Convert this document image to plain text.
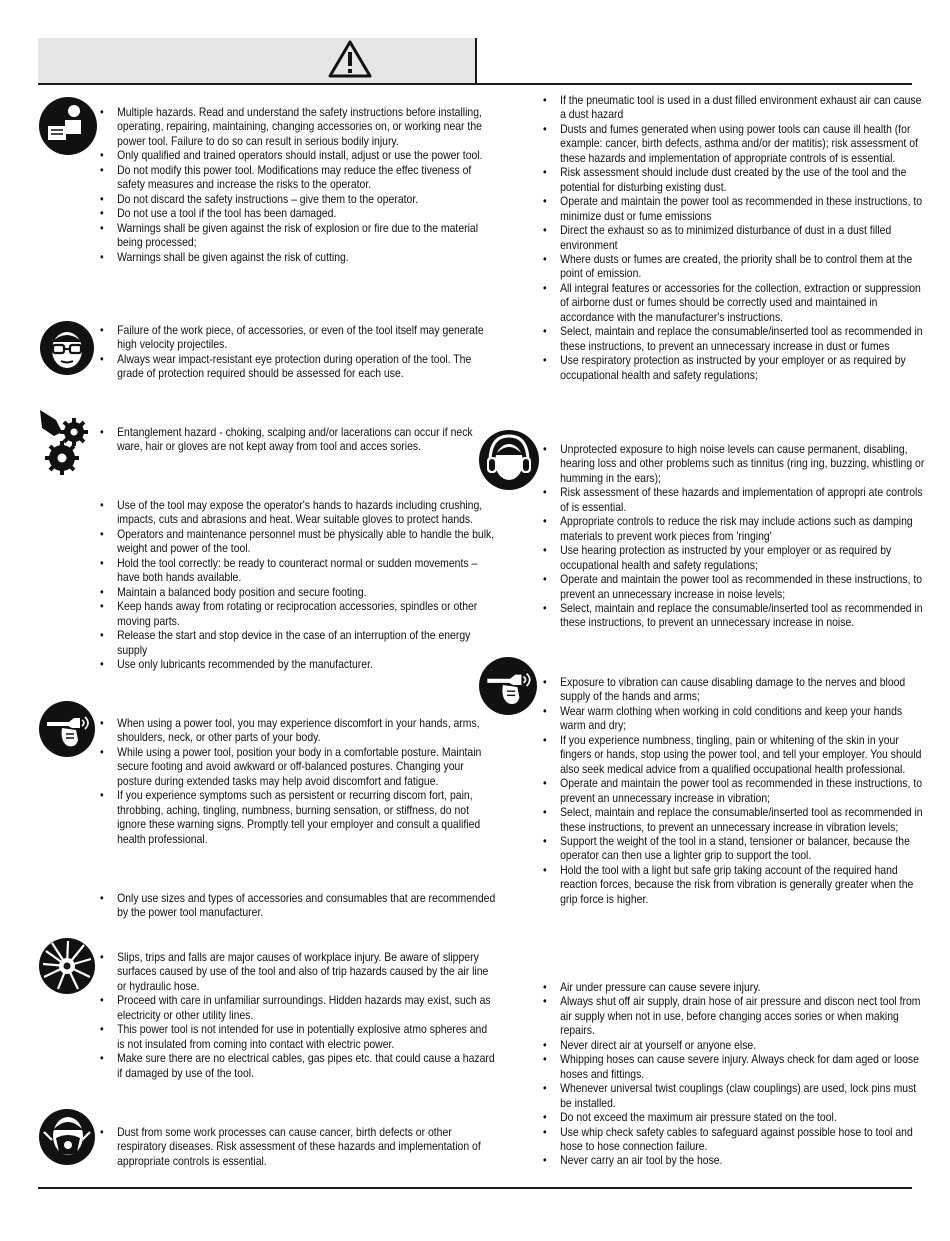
• Multiple hazards. Read and understand the safety instructions before installing, operating, repairing, maintaining, changing accessories on, or working near the power tool. Failure to do so can result in serious bodily injury.
• Only qualified and trained operators should install, adjust or use the power tool.
• Do not modify this power tool. Modifications may reduce the effec tiveness of safety measures and increase the risks to the operator.
• Do not discard the safety instructions – give them to the operator.
• Do not use a tool if the tool has been damaged.
• Warnings shall be given against the risk of explosion or fire due to the material being processed;
• Warnings shall be given against the risk of cutting.
• Failure of the work piece, of accessories, or even of the tool itself may generate high velocity projectiles.
• Always wear impact-resistant eye protection during operation of the tool. The grade of protection required should be assessed for each use.
• Entanglement hazard - choking, scalping and/or lacerations can occur if neck ware, hair or gloves are not kept away from tool and acces sories.
• Use of the tool may expose the operator's hands to hazards including crushing, impacts, cuts and abrasions and heat. Wear suitable gloves to protect hands.
• Operators and maintenance personnel must be physically able to handle the bulk, weight and power of the tool.
• Hold the tool correctly: be ready to counteract normal or sudden movements – have both hands available.
• Maintain a balanced body position and secure footing.
• Keep hands away from rotating or reciprocation accessories, spindles or other moving parts.
• Release the start and stop device in the case of an interruption of the energy supply
• Use only lubricants recommended by the manufacturer.
• When using a power tool, you may experience discomfort in your hands, arms, shoulders, neck, or other parts of your body.
• While using a power tool, position your body in a comfortable posture. Maintain secure footing and avoid awkward or off-balanced postures. Changing your posture during extended tasks may help avoid discomfort and fatigue.
• If you experience symptoms such as persistent or recurring discom fort, pain, throbbing, aching, tingling, numbness, burning sensation, or stiffness, do not ignore these warning signs. Promptly tell your employer and consult a qualified health professional.
• Only use sizes and types of accessories and consumables that are recommended by the power tool manufacturer.
• Slips, trips and falls are major causes of workplace injury. Be aware of slippery surfaces caused by use of the tool and also of trip hazards caused by the air line or hydraulic hose.
• Proceed with care in unfamiliar surroundings. Hidden hazards may exist, such as electricity or other utility lines.
• This power tool is not intended for use in potentially explosive atmo spheres and is not insulated from coming into contact with electric power.
• Make sure there are no electrical cables, gas pipes etc. that could cause a hazard if damaged by use of the tool.
• Dust from some work processes can cause cancer, birth defects or other respiratory diseases. Risk assessment of these hazards and implementation of appropriate controls is essential.
• If the pneumatic tool is used in a dust filled environment exhaust air can cause a dust hazard
• Dusts and fumes generated when using power tools can cause ill health (for example: cancer, birth defects, asthma and/or der matitis); risk assessment of these hazards and implementation of appropriate controls of is essential.
• Risk assessment should include dust created by the use of the tool and the potential for disturbing existing dust.
• Operate and maintain the power tool as recommended in these instructions, to minimize dust or fume emissions
• Direct the exhaust so as to minimized disturbance of dust in a dust filled environment
• Where dusts or fumes are created, the priority shall be to control them at the point of emission.
• All integral features or accessories for the collection, extraction or suppression of airborne dust or fumes should be correctly used and maintained in accordance with the manufacturer's instructions.
• Select, maintain and replace the consumable/inserted tool as recommended in these instructions, to prevent an unnecessary increase in dust or fumes
• Use respiratory protection as instructed by your employer or as required by occupational health and safety regulations;
• Unprotected exposure to high noise levels can cause permanent, disabling, hearing loss and other problems such as tinnitus (ring ing, buzzing, whistling or humming in the ears);
• Risk assessment of these hazards and implementation of appropri ate controls of is essential.
• Appropriate controls to reduce the risk may include actions such as damping materials to prevent work pieces from 'ringing'
• Use hearing protection as instructed by your employer or as required by occupational health and safety regulations;
• Operate and maintain the power tool as recommended in these instructions, to prevent an unnecessary increase in noise levels;
• Select, maintain and replace the consumable/inserted tool as recommended in these instructions, to prevent an unnecessary increase in noise.
• Exposure to vibration can cause disabling damage to the nerves and blood supply of the hands and arms;
• Wear warm clothing when working in cold conditions and keep your hands warm and dry;
• If you experience numbness, tingling, pain or whitening of the skin in your fingers or hands, stop using the power tool, and tell your employer. You should also seek medical advice from a qualified occupational health professional.
• Operate and maintain the power tool as recommended in these instructions, to prevent an unnecessary increase in vibration;
• Select, maintain and replace the consumable/inserted tool as recommended in these instructions, to prevent an unnecessary increase in vibration levels;
• Support the weight of the tool in a stand, tensioner or balancer, because the operator can then use a lighter grip to support the tool.
• Hold the tool with a light but safe grip taking account of the required hand reaction forces, because the risk from vibration is generally greater when the grip force is higher.
• Air under pressure can cause severe injury.
• Always shut off air supply, drain hose of air pressure and discon nect tool from air supply when not in use, before changing acces sories or when making repairs.
• Never direct air at yourself or anyone else.
• Whipping hoses can cause severe injury. Always check for dam aged or loose hoses and fittings.
• Whenever universal twist couplings (claw couplings) are used, lock pins must be installed.
• Do not exceed the maximum air pressure stated on the tool.
• Use whip check safety cables to safeguard against possible hose to tool and hose to hose connection failure.
• Never carry an air tool by the hose.
